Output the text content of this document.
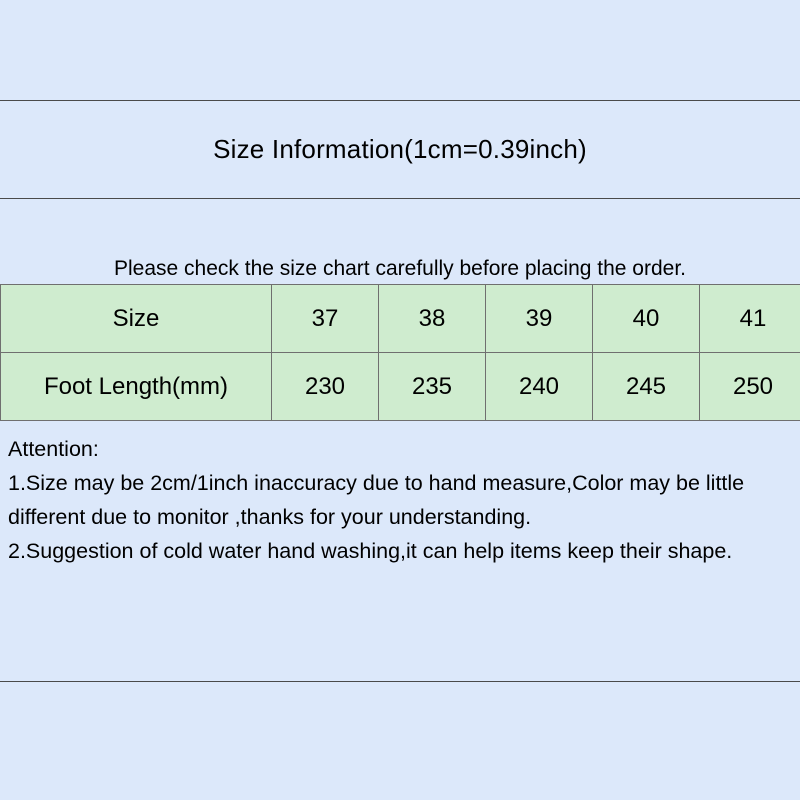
Size Information(1cm=0.39inch)
Please check the size chart carefully before placing the order.
Size	37	38	39	40	41
Foot Length(mm)	230	235	240	245	250
Attention:
1.Size may be 2cm/1inch inaccuracy due to hand measure,Color may be little different due to monitor ,thanks for your understanding.
2.Suggestion of cold water hand washing,it can help items keep their shape.
